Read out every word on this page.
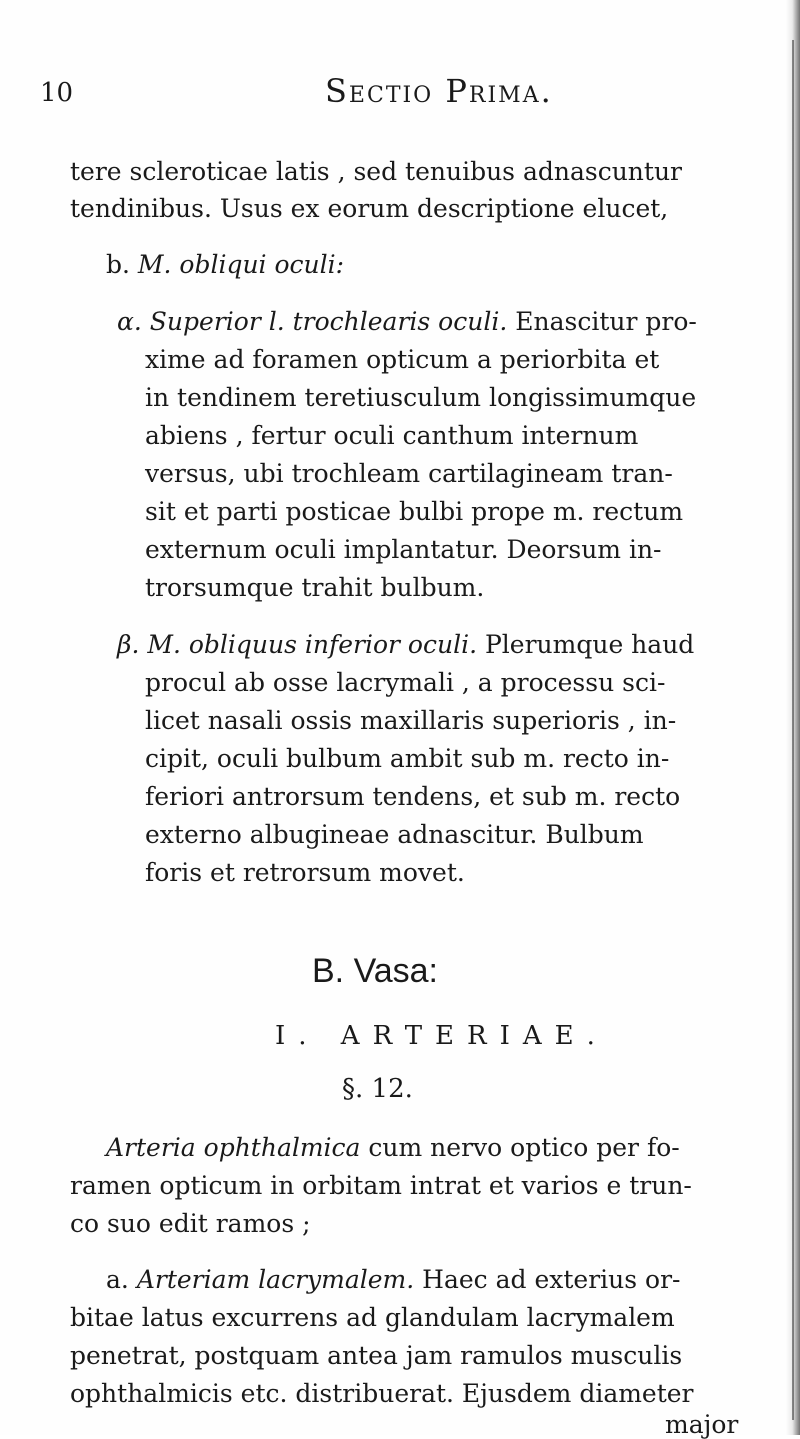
10	Sectio Prima.
tere scleroticae latis , sed tenuibus adnascuntur
tendinibus. Usus ex eorum descriptione elucet,
b. M. obliqui oculi:
α. Superior l. trochlearis oculi. Enascitur pro-
xime ad foramen opticum a periorbita et
in tendinem teretiusculum longissimumque
abiens , fertur oculi canthum internum
versus, ubi trochleam cartilagineam tran-
sit et parti posticae bulbi prope m. rectum
externum oculi implantatur. Deorsum in-
trorsumque trahit bulbum.
β. M. obliquus inferior oculi. Plerumque haud
procul ab osse lacrymali , a processu sci-
licet nasali ossis maxillaris superioris , in-
cipit, oculi bulbum ambit sub m. recto in-
feriori antrorsum tendens, et sub m. recto
externo albugineae adnascitur. Bulbum
foris et retrorsum movet.
B. Vasa:
I. ARTERIAE.
§. 12.
Arteria ophthalmica cum nervo optico per fo-
ramen opticum in orbitam intrat et varios e trun-
co suo edit ramos ;
a. Arteriam lacrymalem. Haec ad exterius or-
bitae latus excurrens ad glandulam lacrymalem
penetrat, postquam antea jam ramulos musculis
ophthalmicis etc. distribuerat. Ejusdem diameter
major
